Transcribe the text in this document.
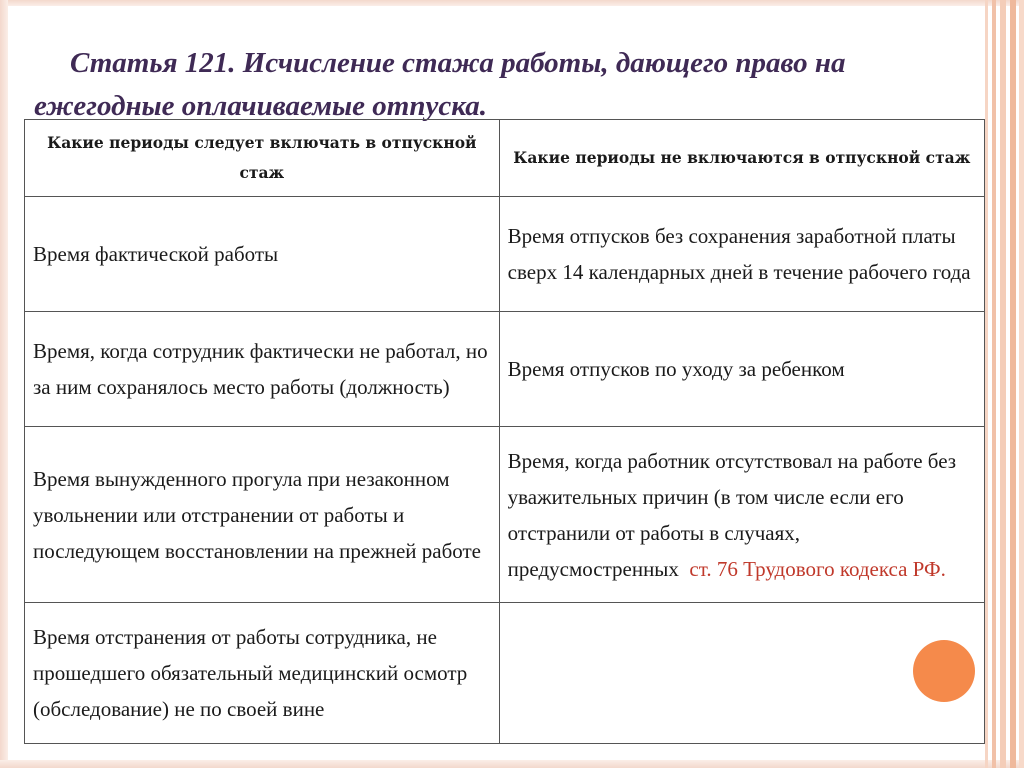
Статья 121. Исчисление стажа работы, дающего право на ежегодные оплачиваемые отпуска.
Какие периоды следует включать в отпускной стаж	Какие периоды не включаются в отпускной стаж
Время фактической работы	Время отпусков без сохранения заработной платы сверх 14 календарных дней в течение рабочего года
Время, когда сотрудник фактически не работал, но за ним сохранялось место работы (должность)	Время отпусков по уходу за ребенком
Время вынужденного прогула при незаконном увольнении или отстранении от работы и последующем восстановлении на прежней работе	Время, когда работник отсутствовал на работе без уважительных причин (в том числе если его отстранили от работы в случаях, предусмостренных ст. 76 Трудового кодекса РФ.
Время отстранения от работы сотрудника, не прошедшего обязательный медицинский осмотр (обследование) не по своей вине	
